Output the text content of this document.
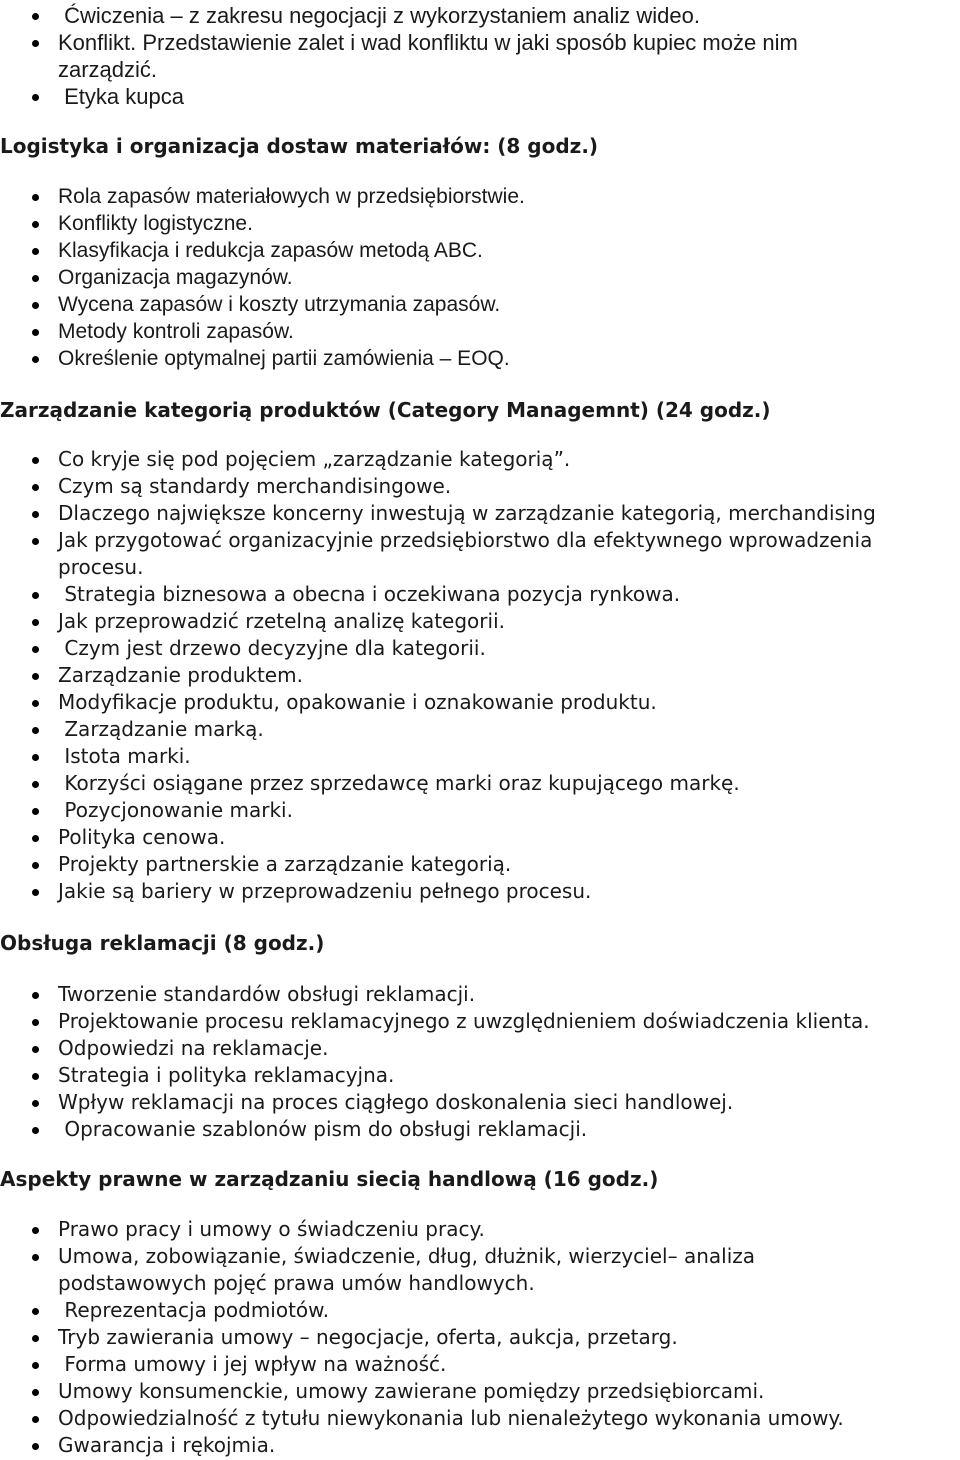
Ćwiczenia – z zakresu negocjacji z wykorzystaniem analiz wideo.
Konflikt. Przedstawienie zalet i wad konfliktu w jaki sposób kupiec może nim
zarządzić.
Etyka kupca
Logistyka i organizacja dostaw materiałów: (8 godz.)
Rola zapasów materiałowych w przedsiębiorstwie.
Konflikty logistyczne.
Klasyfikacja i redukcja zapasów metodą ABC.
Organizacja magazynów.
Wycena zapasów i koszty utrzymania zapasów.
Metody kontroli zapasów.
Określenie optymalnej partii zamówienia – EOQ.
Zarządzanie kategorią produktów (Category Managemnt) (24 godz.)
Co kryje się pod pojęciem „zarządzanie kategorią”.
Czym są standardy merchandisingowe.
Dlaczego największe koncerny inwestują w zarządzanie kategorią, merchandising
Jak przygotować organizacyjnie przedsiębiorstwo dla efektywnego wprowadzenia
procesu.
Strategia biznesowa a obecna i oczekiwana pozycja rynkowa.
Jak przeprowadzić rzetelną analizę kategorii.
Czym jest drzewo decyzyjne dla kategorii.
Zarządzanie produktem.
Modyfikacje produktu, opakowanie i oznakowanie produktu.
Zarządzanie marką.
Istota marki.
Korzyści osiągane przez sprzedawcę marki oraz kupującego markę.
Pozycjonowanie marki.
Polityka cenowa.
Projekty partnerskie a zarządzanie kategorią.
Jakie są bariery w przeprowadzeniu pełnego procesu.
Obsługa reklamacji (8 godz.)
Tworzenie standardów obsługi reklamacji.
Projektowanie procesu reklamacyjnego z uwzględnieniem doświadczenia klienta.
Odpowiedzi na reklamacje.
Strategia i polityka reklamacyjna.
Wpływ reklamacji na proces ciągłego doskonalenia sieci handlowej.
Opracowanie szablonów pism do obsługi reklamacji.
Aspekty prawne w zarządzaniu siecią handlową (16 godz.)
Prawo pracy i umowy o świadczeniu pracy.
Umowa, zobowiązanie, świadczenie, dług, dłużnik, wierzyciel– analiza
podstawowych pojęć prawa umów handlowych.
Reprezentacja podmiotów.
Tryb zawierania umowy – negocjacje, oferta, aukcja, przetarg.
Forma umowy i jej wpływ na ważność.
Umowy konsumenckie, umowy zawierane pomiędzy przedsiębiorcami.
Odpowiedzialność z tytułu niewykonania lub nienależytego wykonania umowy.
Gwarancja i rękojmia.
